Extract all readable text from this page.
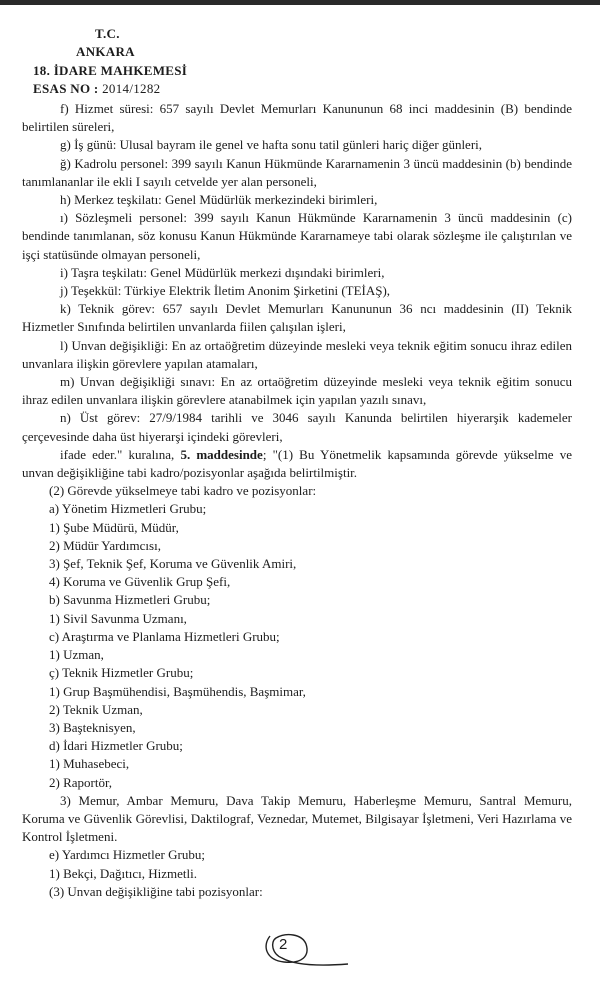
T.C.
ANKARA
18. İDARE MAHKEMESİ
ESAS NO : 2014/1282

f) Hizmet süresi: 657 sayılı Devlet Memurları Kanununun 68 inci maddesinin (B) bendinde belirtilen süreleri,

g) İş günü: Ulusal bayram ile genel ve hafta sonu tatil günleri hariç diğer günleri,

ğ) Kadrolu personel: 399 sayılı Kanun Hükmünde Kararnamenin 3 üncü maddesinin (b) bendinde tanımlananlar ile ekli I sayılı cetvelde yer alan personeli,

h) Merkez teşkilatı: Genel Müdürlük merkezindeki birimleri,

ı) Sözleşmeli personel: 399 sayılı Kanun Hükmünde Kararnamenin 3 üncü maddesinin (c) bendinde tanımlanan, söz konusu Kanun Hükmünde Kararnameye tabi olarak sözleşme ile çalıştırılan ve işçi statüsünde olmayan personeli,

i) Taşra teşkilatı: Genel Müdürlük merkezi dışındaki birimleri,

j) Teşekkül: Türkiye Elektrik İletim Anonim Şirketini (TEİAŞ),

k) Teknik görev: 657 sayılı Devlet Memurları Kanununun 36 ncı maddesinin (II) Teknik Hizmetler Sınıfında belirtilen unvanlarda fiilen çalışılan işleri,

l) Unvan değişikliği: En az ortaöğretim düzeyinde mesleki veya teknik eğitim sonucu ihraz edilen unvanlara ilişkin görevlere yapılan atamaları,

m) Unvan değişikliği sınavı: En az ortaöğretim düzeyinde mesleki veya teknik eğitim sonucu ihraz edilen unvanlara ilişkin görevlere atanabilmek için yapılan yazılı sınavı,

n) Üst görev: 27/9/1984 tarihli ve 3046 sayılı Kanunda belirtilen hiyerarşik kademeler çerçevesinde daha üst hiyerarşi içindeki görevleri,

ifade eder." kuralına, 5. maddesinde; "(1) Bu Yönetmelik kapsamında görevde yükselme ve unvan değişikliğine tabi kadro/pozisyonlar aşağıda belirtilmiştir.

(2) Görevde yükselmeye tabi kadro ve pozisyonlar:

a) Yönetim Hizmetleri Grubu;

1) Şube Müdürü, Müdür,

2) Müdür Yardımcısı,

3) Şef, Teknik Şef, Koruma ve Güvenlik Amiri,

4) Koruma ve Güvenlik Grup Şefi,

b) Savunma Hizmetleri Grubu;

1) Sivil Savunma Uzmanı,

c) Araştırma ve Planlama Hizmetleri Grubu;

1) Uzman,

ç) Teknik Hizmetler Grubu;

1) Grup Başmühendisi, Başmühendis, Başmimar,

2) Teknik Uzman,

3) Başteknisyen,

d) İdari Hizmetler Grubu;

1) Muhasebeci,

2) Raportör,

3) Memur, Ambar Memuru, Dava Takip Memuru, Haberleşme Memuru, Santral Memuru, Koruma ve Güvenlik Görevlisi, Daktilograf, Veznedar, Mutemet, Bilgisayar İşletmeni, Veri Hazırlama ve Kontrol İşletmeni.

e) Yardımcı Hizmetler Grubu;

1) Bekçi, Dağıtıcı, Hizmetli.

(3) Unvan değişikliğine tabi pozisyonlar:

2
